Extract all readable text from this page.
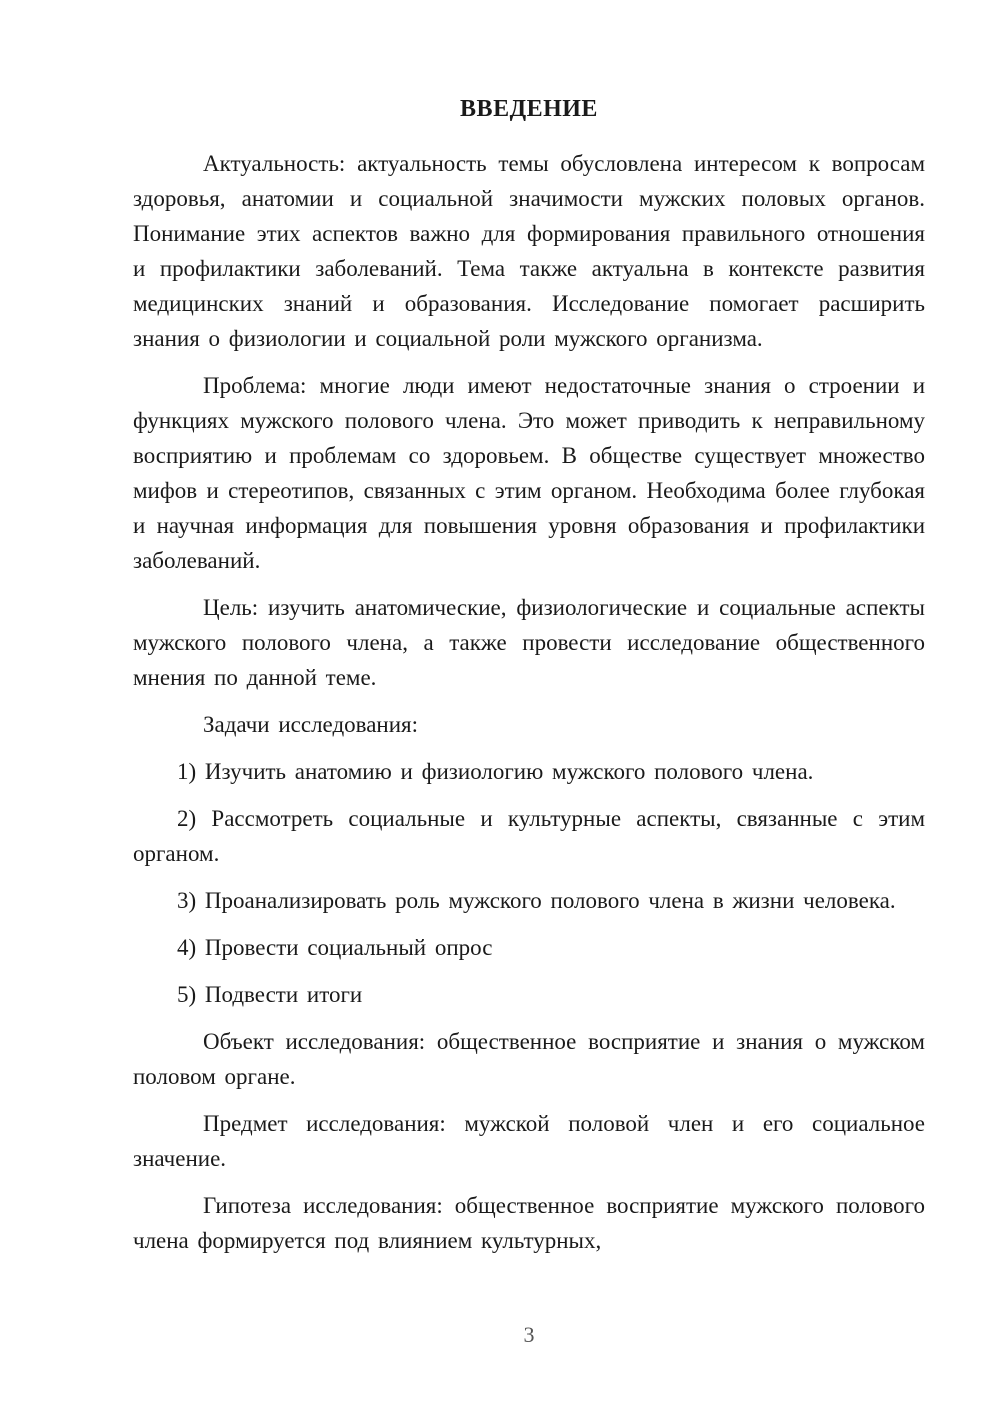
ВВЕДЕНИЕ

Актуальность: актуальность темы обусловлена интересом к вопросам здоровья, анатомии и социальной значимости мужских половых органов. Понимание этих аспектов важно для формирования правильного отношения и профилактики заболеваний. Тема также актуальна в контексте развития медицинских знаний и образования. Исследование помогает расширить знания о физиологии и социальной роли мужского организма.

Проблема: многие люди имеют недостаточные знания о строении и функциях мужского полового члена. Это может приводить к неправильному восприятию и проблемам со здоровьем. В обществе существует множество мифов и стереотипов, связанных с этим органом. Необходима более глубокая и научная информация для повышения уровня образования и профилактики заболеваний.

Цель: изучить анатомические, физиологические и социальные аспекты мужского полового члена, а также провести исследование общественного мнения по данной теме.

Задачи исследования:

1) Изучить анатомию и физиологию мужского полового члена.

2) Рассмотреть социальные и культурные аспекты, связанные с этим органом.

3) Проанализировать роль мужского полового члена в жизни человека.

4) Провести социальный опрос

5) Подвести итоги

Объект исследования: общественное восприятие и знания о мужском половом органе.

Предмет исследования: мужской половой член и его социальное значение.

Гипотеза исследования: общественное восприятие мужского полового члена формируется под влиянием культурных,

3
